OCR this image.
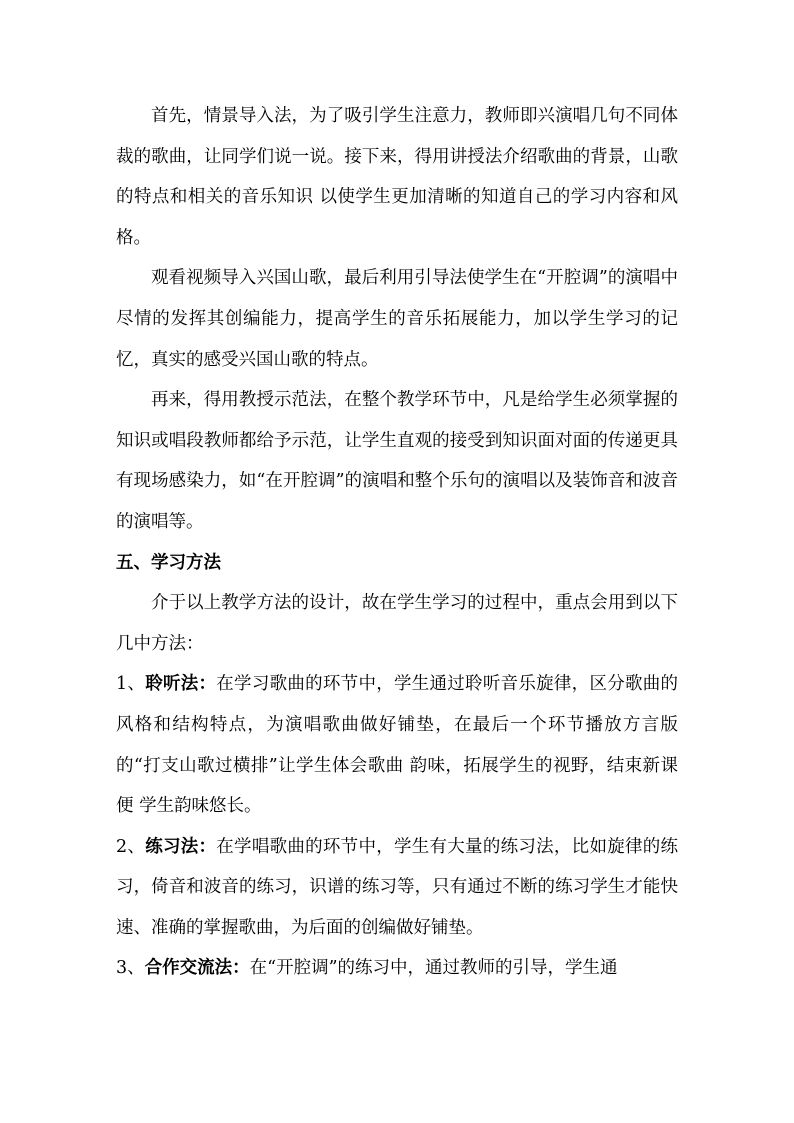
首先，情景导入法，为了吸引学生注意力，教师即兴演唱几句不同体裁的歌曲，让同学们说一说。接下来，得用讲授法介绍歌曲的背景，山歌的特点和相关的音乐知识 以使学生更加清晰的知道自己的学习内容和风格。

观看视频导入兴国山歌，最后利用引导法使学生在“开腔调”的演唱中尽情的发挥其创编能力，提高学生的音乐拓展能力，加以学生学习的记忆，真实的感受兴国山歌的特点。

再来，得用教授示范法，在整个教学环节中，凡是给学生必须掌握的知识或唱段教师都给予示范，让学生直观的接受到知识面对面的传递更具有现场感染力，如“在开腔调”的演唱和整个乐句的演唱以及装饰音和波音的演唱等。

五、学习方法

介于以上教学方法的设计，故在学生学习的过程中，重点会用到以下几中方法：

1、聆听法：在学习歌曲的环节中，学生通过聆听音乐旋律，区分歌曲的风格和结构特点，为演唱歌曲做好铺垫，在最后一个环节播放方言版的“打支山歌过横排”让学生体会歌曲 韵味，拓展学生的视野，结束新课便 学生韵味悠长。

2、练习法：在学唱歌曲的环节中，学生有大量的练习法，比如旋律的练习，倚音和波音的练习，识谱的练习等，只有通过不断的练习学生才能快速、准确的掌握歌曲，为后面的创编做好铺垫。

3、合作交流法：在“开腔调”的练习中，通过教师的引导，学生通
